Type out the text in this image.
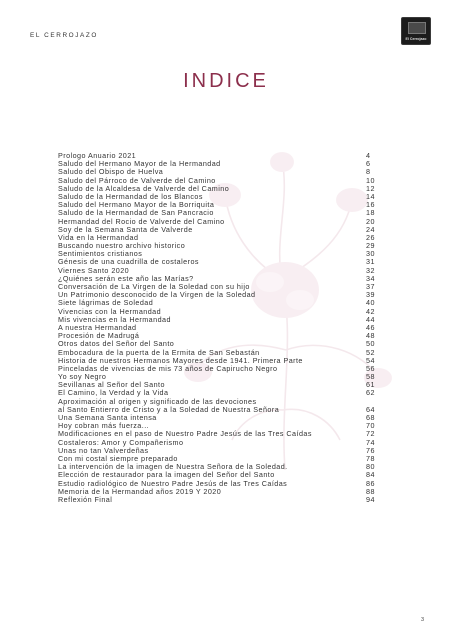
EL CERROJAZO	El Cerrojazo
INDICE
Prologo Anuario 2021	4
Saludo del Hermano Mayor de la Hermandad	6
Saludo del Obispo de Huelva	8
Saludo del Párroco de Valverde del Camino	10
Saludo de la Alcaldesa de Valverde del Camino	12
Saludo de la Hermandad de los Blancos	14
Saludo del Hermano Mayor de la Borriquita	16
Saludo de la Hermandad de San Pancracio	18
Hermandad del Rocio de Valverde del Camino	20
Soy de la Semana Santa de Valverde	24
Vida en la Hermandad	26
Buscando nuestro archivo historico	29
Sentimientos cristianos	30
Génesis de una cuadrilla de costaleros	31
Viernes Santo 2020	32
¿Quiénes serán este año las Marías?	34
Conversación de La Virgen de la Soledad con su hijo	37
Un Patrimonio desconocido de la Virgen de la Soledad	39
Siete lágrimas de Soledad	40
Vivencias con la Hermandad	42
Mis vivencias en la Hermandad	44
A nuestra Hermandad	46
Procesión de Madrugá	48
Otros datos del Señor del Santo	50
Embocadura de la puerta de la Ermita de San Sebastán	52
Historia de nuestros Hermanos Mayores desde 1941. Primera Parte	54
Pinceladas de vivencias de mis 73 años de Capirucho Negro	56
Yo soy Negro	58
Sevillanas al Señor del Santo	61
El Camino, la Verdad y la Vida	62
Aproximación al origen y significado de las devociones
al Santo Entierro de Cristo y a la Soledad de Nuestra Señora	64
Una Semana Santa intensa	68
Hoy cobran más fuerza...	70
Modificaciones en el paso de Nuestro Padre Jesús de las Tres Caídas	72
Costaleros: Amor y Compañerismo	74
Unas no tan Valverdeñas	76
Con mi costal siempre preparado	78
La intervención de la imagen de Nuestra Señora de la Soledad.	80
Elección de restaurador para la imagen del Señor del Santo	84
Estudio radiológico de Nuestro Padre Jesús de las Tres Caídas	86
Memoria de la Hermandad años 2019 Y 2020	88
Reflexión Final	94
3
